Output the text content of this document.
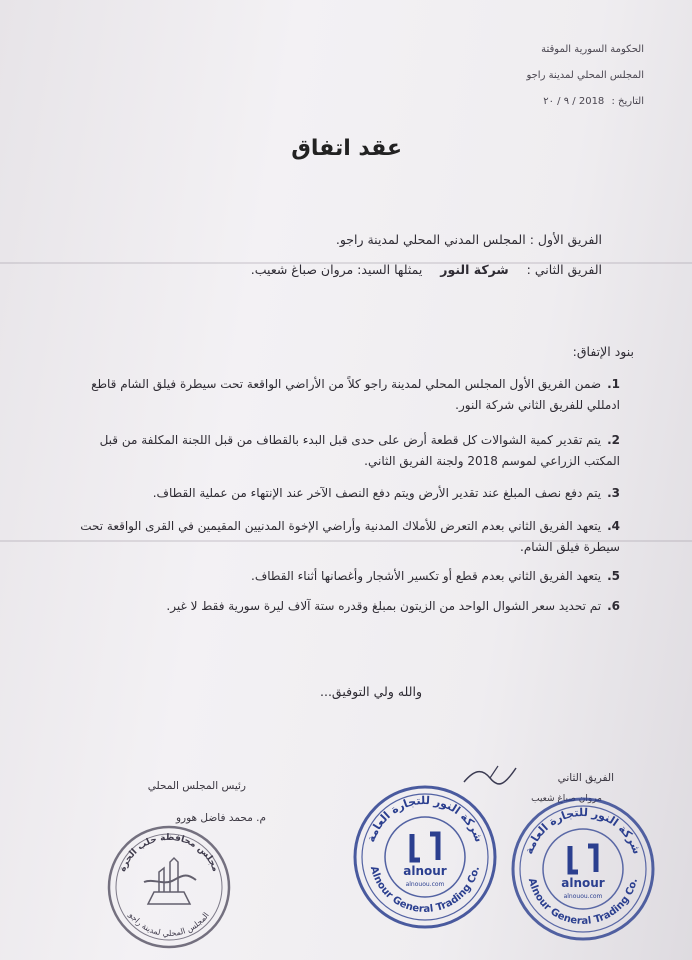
الحكومة السورية الموقتة
المجلس المحلي لمدينة راجو
التاريخ : 2018 / ٩ / ٢٠
عقد اتفاق
الفريق الأول : المجلس المدني المحلي لمدينة راجو.
الفريق الثاني : شركة النور يمثلها السيد: مروان صباغ شعيب.
بنود الإتفاق:
1.ضمن الفريق الأول المجلس المحلي لمدينة راجو كلاً من الأراضي الواقعة تحت سيطرة فيلق الشام قاطع ادمللي للفريق الثاني شركة النور.
2.يتم تقدير كمية الشوالات كل قطعة أرض على حدى قبل البدء بالقطاف من قبل اللجنة المكلفة من قبل المكتب الزراعي لموسم 2018 ولجنة الفريق الثاني.
3.يتم دفع نصف المبلغ عند تقدير الأرض ويتم دفع النصف الآخر عند الإنتهاء من عملية القطاف.
4.يتعهد الفريق الثاني بعدم التعرض للأملاك المدنية وأراضي الإخوة المدنيين المقيمين في القرى الواقعة تحت سيطرة فيلق الشام.
5.يتعهد الفريق الثاني بعدم قطع أو تكسير الأشجار وأغصانها أثناء القطاف.
6.تم تحديد سعر الشوال الواحد من الزيتون بمبلغ وقدره ستة آلاف ليرة سورية فقط لا غير.
والله ولي التوفيق...
الفريق الثاني
مروان صباغ شعيب
رئيس المجلس المحلي
م. محمد فاضل هورو
شركة النور للتجارة العامة
Alnour General Trading Co.
alnour
alnouou.com
شركة النور للتجارة العامة
Alnour General Trading Co.
alnour
alnouou.com
مجلس محافظة حلب الحرة
المجلس المحلي لمدينة راجو
